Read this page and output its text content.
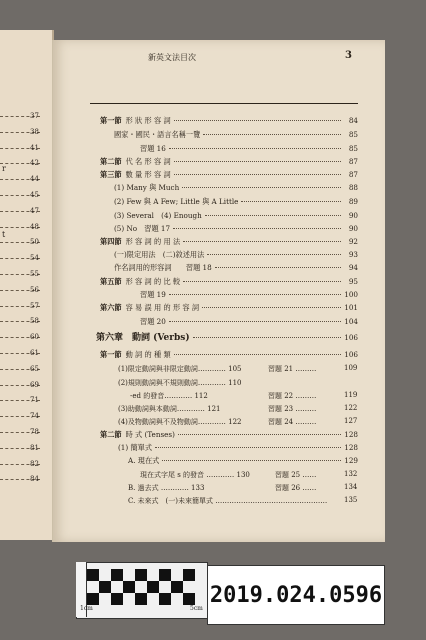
37
38
41
42
44
45
47
48
50
54
55
56
57
58
60
61
65
69
71
74
78
81
82
84
r
t
新英文法目次	3
第一節 形 狀 形 容 詞	84
國家・國民・語言名稱一覽	85
習題 16	85
第二節 代 名 形 容 詞	87
第三節 數 量 形 容 詞	87
(1) Many 與 Much	88
(2) Few 與 A Few; Little 與 A Little	89
(3) Several　(4) Enough	90
(5) No　習題 17	90
第四節 形 容 詞 的 用 法	92
(一)限定用法　(二)敘述用法	93
作名詞用的形容詞　　習題 18	94
第五節 形 容 詞 的 比 較	95
習題 19	100
第六節 容 易 誤 用 的 形 容 詞	101
習題 20	104
第六章　動詞 (Verbs)	106
第一節 動 詞 的 種 類	106
(1)限定動詞與非限定動詞………… 105	習題 21 ………	109
(2)規則動詞與不規則動詞………… 110
-ed 的發音………… 112	習題 22 ………	119
(3)助動詞與本動詞………… 121	習題 23 ………	122
(4)及物動詞與不及物動詞………… 122	習題 24 ………	127
第二節 時 式 (Tenses)	128
(1) 簡單式	128
A. 現在式	129
現在式字尾 s 的發音 ………… 130	習題 25 ……	132
B. 過去式 ………… 133	習題 26 ……	134
C. 未來式　(一)未來簡單式 ………………………………………… 135
1cm	5cm
2019.024.0596
